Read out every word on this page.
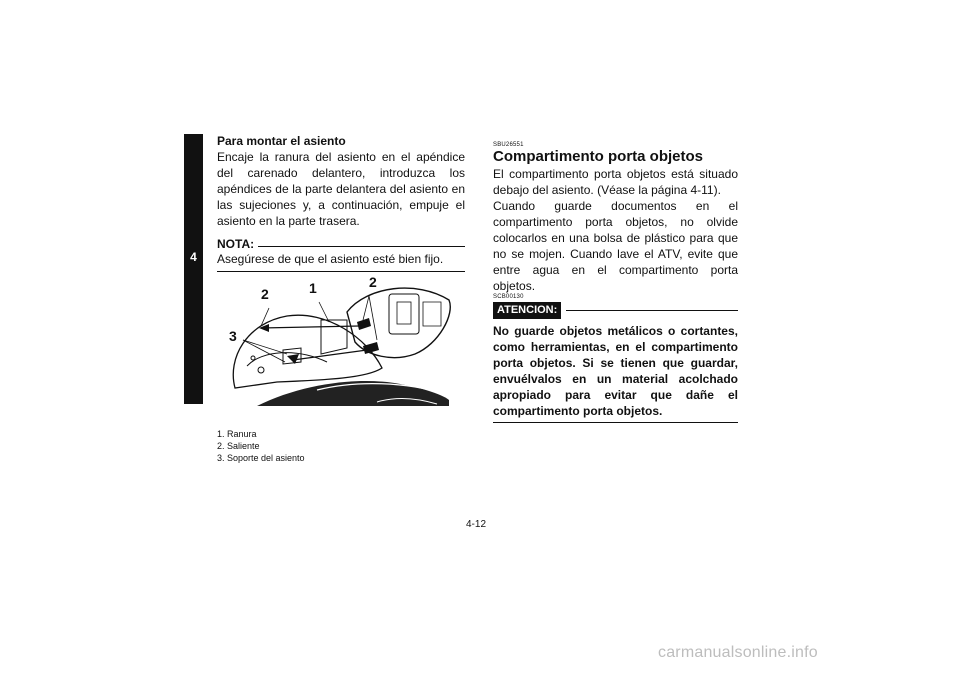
4
Para montar el asiento

Encaje la ranura del asiento en el apéndice del carenado delantero, introduzca los apéndices de la parte delantera del asiento en las sujeciones y, a continuación, empuje el asiento en la parte trasera.

NOTA:
Asegúrese de que el asiento esté bien fijo.
2	1	2
3
1. Ranura
2. Saliente
3. Soporte del asiento
SBU26551
Compartimento porta objetos

El compartimento porta objetos está situado debajo del asiento. (Véase la página 4-11).

Cuando guarde documentos en el compartimento porta objetos, no olvide colocarlos en una bolsa de plástico para que no se mojen. Cuando lave el ATV, evite que entre agua en el compartimento porta objetos.

SCB00130
ATENCION:
No guarde objetos metálicos o cortantes, como herramientas, en el compartimento porta objetos. Si se tienen que guardar, envuélvalos en un material acolchado apropiado para evitar que dañe el compartimento porta objetos.
4-12
carmanualsonline.info
